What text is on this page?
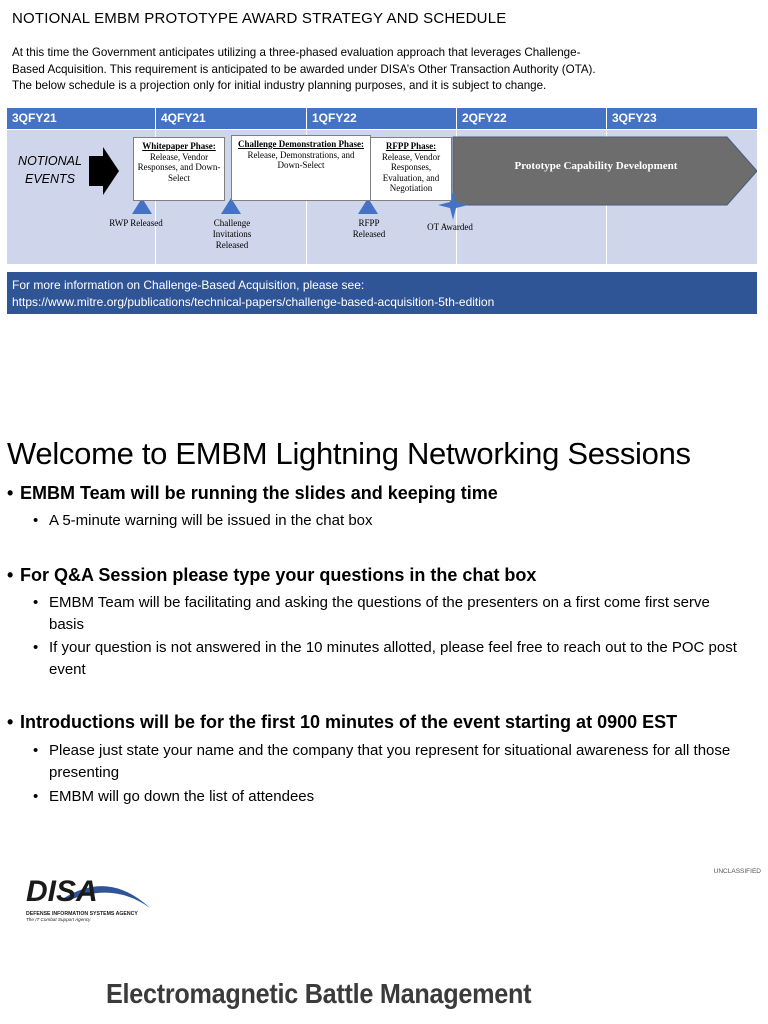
NOTIONAL EMBM PROTOTYPE AWARD STRATEGY AND SCHEDULE

At this time the Government anticipates utilizing a three-phased evaluation approach that leverages Challenge-

Based Acquisition. This requirement is anticipated to be awarded under DISA’s Other Transaction Authority (OTA).

The below schedule is a projection only for initial industry planning purposes, and it is subject to change.

3QFY21	4QFY21	1QFY22	2QFY22	3QFY23
NOTIONAL
EVENTS
Whitepaper Phase:
Release, Vendor Responses, and Down-Select
Challenge Demonstration Phase:
Release, Demonstrations, and Down-Select
RFPP Phase:
Release, Vendor Responses, Evaluation, and Negotiation
Prototype Capability Development
RWP Released	Challenge Invitations Released
RFPP Released
OT Awarded
For more information on Challenge-Based Acquisition, please see:
https://www.mitre.org/publications/technical-papers/challenge-based-acquisition-5th-edition
Welcome to EMBM Lightning Networking Sessions
• EMBM Team will be running the slides and keeping time
• A 5-minute warning will be issued in the chat box
• For Q&A Session please type your questions in the chat box
• EMBM Team will be facilitating and asking the questions of the presenters on a first come first serve basis
• If your question is not answered in the 10 minutes allotted, please feel free to reach out to the POC post event
• Introductions will be for the first 10 minutes of the event starting at 0900 EST
• Please just state your name and the company that you represent for situational awareness for all those presenting
• EMBM will go down the list of attendees
UNCLASSIFIED
DISA
DEFENSE INFORMATION SYSTEMS AGENCY
The IT Combat Support Agency
Electromagnetic Battle Management
